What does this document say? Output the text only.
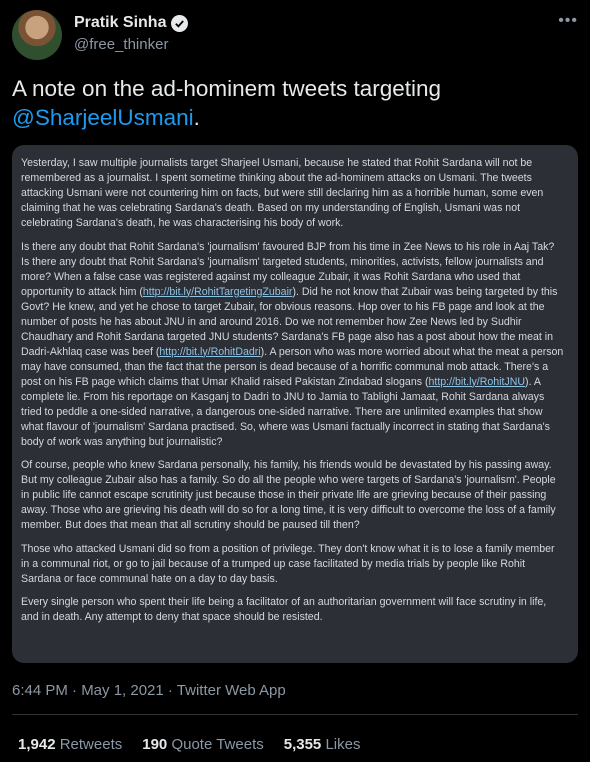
Pratik Sinha
@free_thinker
•••
A note on the ad-hominem tweets targeting @SharjeelUsmani.

Yesterday, I saw multiple journalists target Sharjeel Usmani, because he stated that Rohit Sardana will not be
remembered as a journalist. I spent sometime thinking about the ad-hominem attacks on Usmani. The tweets
attacking Usmani were not countering him on facts, but were still declaring him as a horrible human, some even
claiming that he was celebrating Sardana's death. Based on my understanding of English, Usmani was not
celebrating Sardana's death, he was characterising his body of work.

Is there any doubt that Rohit Sardana's 'journalism' favoured BJP from his time in Zee News to his role in Aaj Tak?
Is there any doubt that Rohit Sardana's 'journalism' targeted students, minorities, activists, fellow journalists and
more? When a false case was registered against my colleague Zubair, it was Rohit Sardana who used that
opportunity to attack him (http://bit.ly/RohitTargetingZubair). Did he not know that Zubair was being targeted by this
Govt? He knew, and yet he chose to target Zubair, for obvious reasons. Hop over to his FB page and look at the
number of posts he has about JNU in and around 2016. Do we not remember how Zee News led by Sudhir
Chaudhary and Rohit Sardana targeted JNU students? Sardana's FB page also has a post about how the meat in
Dadri-Akhlaq case was beef (http://bit.ly/RohitDadri). A person who was more worried about what the meat a person
may have consumed, than the fact that the person is dead because of a horrific communal mob attack. There's a
post on his FB page which claims that Umar Khalid raised Pakistan Zindabad slogans (http://bit.ly/RohitJNU). A
complete lie. From his reportage on Kasganj to Dadri to JNU to Jamia to Tablighi Jamaat, Rohit Sardana always
tried to peddle a one-sided narrative, a dangerous one-sided narrative. There are unlimited examples that show
what flavour of 'journalism' Sardana practised. So, where was Usmani factually incorrect in stating that Sardana's
body of work was anything but journalistic?

Of course, people who knew Sardana personally, his family, his friends would be devastated by his passing away.
But my colleague Zubair also has a family. So do all the people who were targets of Sardana's 'journalism'. People
in public life cannot escape scrutinity just because those in their private life are grieving because of their passing
away. Those who are grieving his death will do so for a long time, it is very difficult to overcome the loss of a family
member. But does that mean that all scrutiny should be paused till then?

Those who attacked Usmani did so from a position of privilege. They don't know what it is to lose a family member
in a communal riot, or go to jail because of a trumped up case facilitated by media trials by people like Rohit
Sardana or face communal hate on a day to day basis.

Every single person who spent their life being a facilitator of an authoritarian government will face scrutiny in life,
and in death. Any attempt to deny that space should be resisted.

6:44 PM · May 1, 2021 · Twitter Web App
1,942 Retweets 190 Quote Tweets 5,355 Likes
